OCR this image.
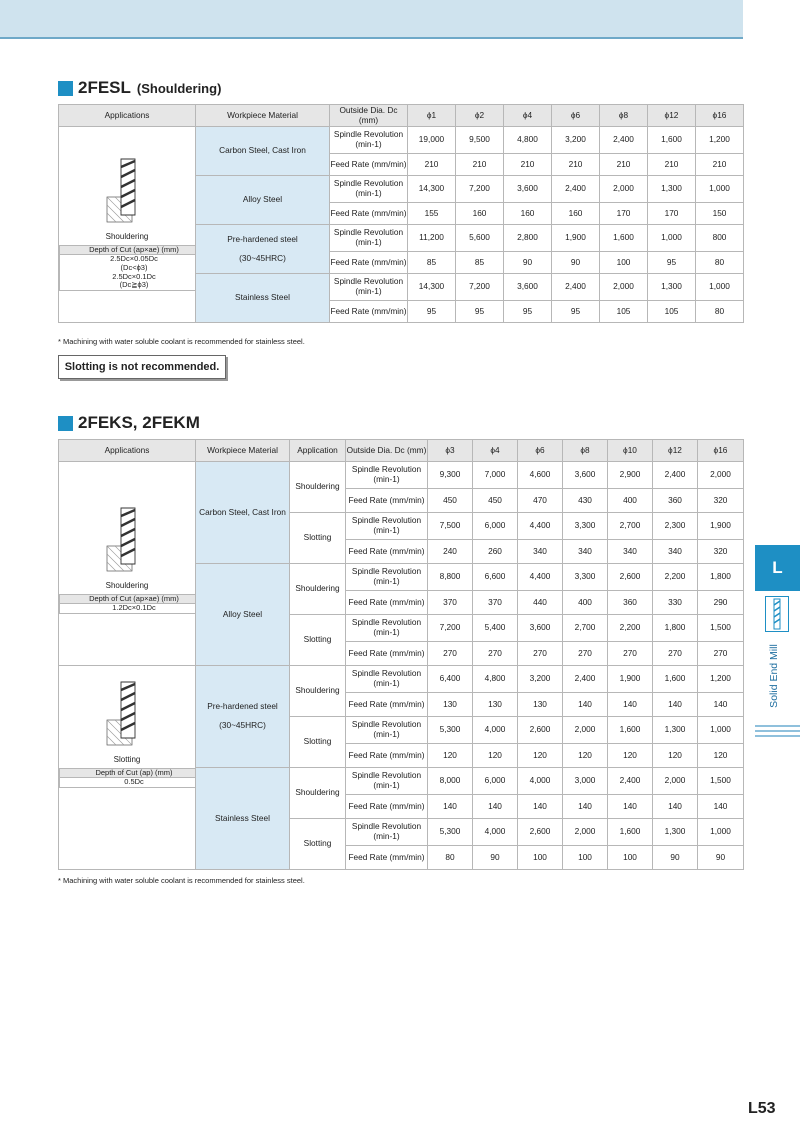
2FESL (Shouldering)
Applications	Workpiece Material	Outside Dia. Dc (mm)	ϕ1	ϕ2	ϕ4	ϕ6	ϕ8	ϕ12	ϕ16

Shouldering
Depth of Cut (ap×ae) (mm)
2.5Dc×0.05Dc
(Dc<ϕ3)
2.5Dc×0.1Dc
(Dc≧ϕ3)
	Carbon Steel, Cast Iron	Spindle Revolution
(min-1)	19,000	9,500	4,800	3,200	2,400	1,600	1,200
Feed Rate (mm/min)	210	210	210	210	210	210	210
Alloy Steel	Spindle Revolution
(min-1)	14,300	7,200	3,600	2,400	2,000	1,300	1,000
Feed Rate (mm/min)	155	160	160	160	170	170	150
Pre-hardened steel

(30~45HRC)	Spindle Revolution
(min-1)	11,200	5,600	2,800	1,900	1,600	1,000	800
Feed Rate (mm/min)	85	85	90	90	100	95	80
Stainless Steel	Spindle Revolution
(min-1)	14,300	7,200	3,600	2,400	2,000	1,300	1,000
Feed Rate (mm/min)	95	95	95	95	105	105	80
* Machining with water soluble coolant is recommended for stainless steel.
Slotting is not recommended.
2FEKS, 2FEKM
Applications	Workpiece Material	Application	Outside Dia. Dc (mm)	ϕ3	ϕ4	ϕ6	ϕ8	ϕ10	ϕ12	ϕ16

Shouldering
Depth of Cut (ap×ae) (mm)
1.2Dc×0.1Dc
	Carbon Steel, Cast Iron	Shouldering	Spindle Revolution
(min-1)	9,300	7,000	4,600	3,600	2,900	2,400	2,000
Feed Rate (mm/min)	450	450	470	430	400	360	320
Slotting	Spindle Revolution
(min-1)	7,500	6,000	4,400	3,300	2,700	2,300	1,900
Feed Rate (mm/min)	240	260	340	340	340	340	320
Alloy Steel	Shouldering	Spindle Revolution
(min-1)	8,800	6,600	4,400	3,300	2,600	2,200	1,800
Feed Rate (mm/min)	370	370	440	400	360	330	290
Slotting	Spindle Revolution
(min-1)	7,200	5,400	3,600	2,700	2,200	1,800	1,500
Feed Rate (mm/min)	270	270	270	270	270	270	270

Slotting
Depth of Cut (ap) (mm)
0.5Dc
	Pre-hardened steel

(30~45HRC)	Shouldering	Spindle Revolution
(min-1)	6,400	4,800	3,200	2,400	1,900	1,600	1,200
Feed Rate (mm/min)	130	130	130	140	140	140	140
Slotting	Spindle Revolution
(min-1)	5,300	4,000	2,600	2,000	1,600	1,300	1,000
Feed Rate (mm/min)	120	120	120	120	120	120	120
Stainless Steel	Shouldering	Spindle Revolution
(min-1)	8,000	6,000	4,000	3,000	2,400	2,000	1,500
Feed Rate (mm/min)	140	140	140	140	140	140	140
Slotting	Spindle Revolution
(min-1)	5,300	4,000	2,600	2,000	1,600	1,300	1,000
Feed Rate (mm/min)	80	90	100	100	100	90	90
* Machining with water soluble coolant is recommended for stainless steel.
L
Solid End Mill
L53
